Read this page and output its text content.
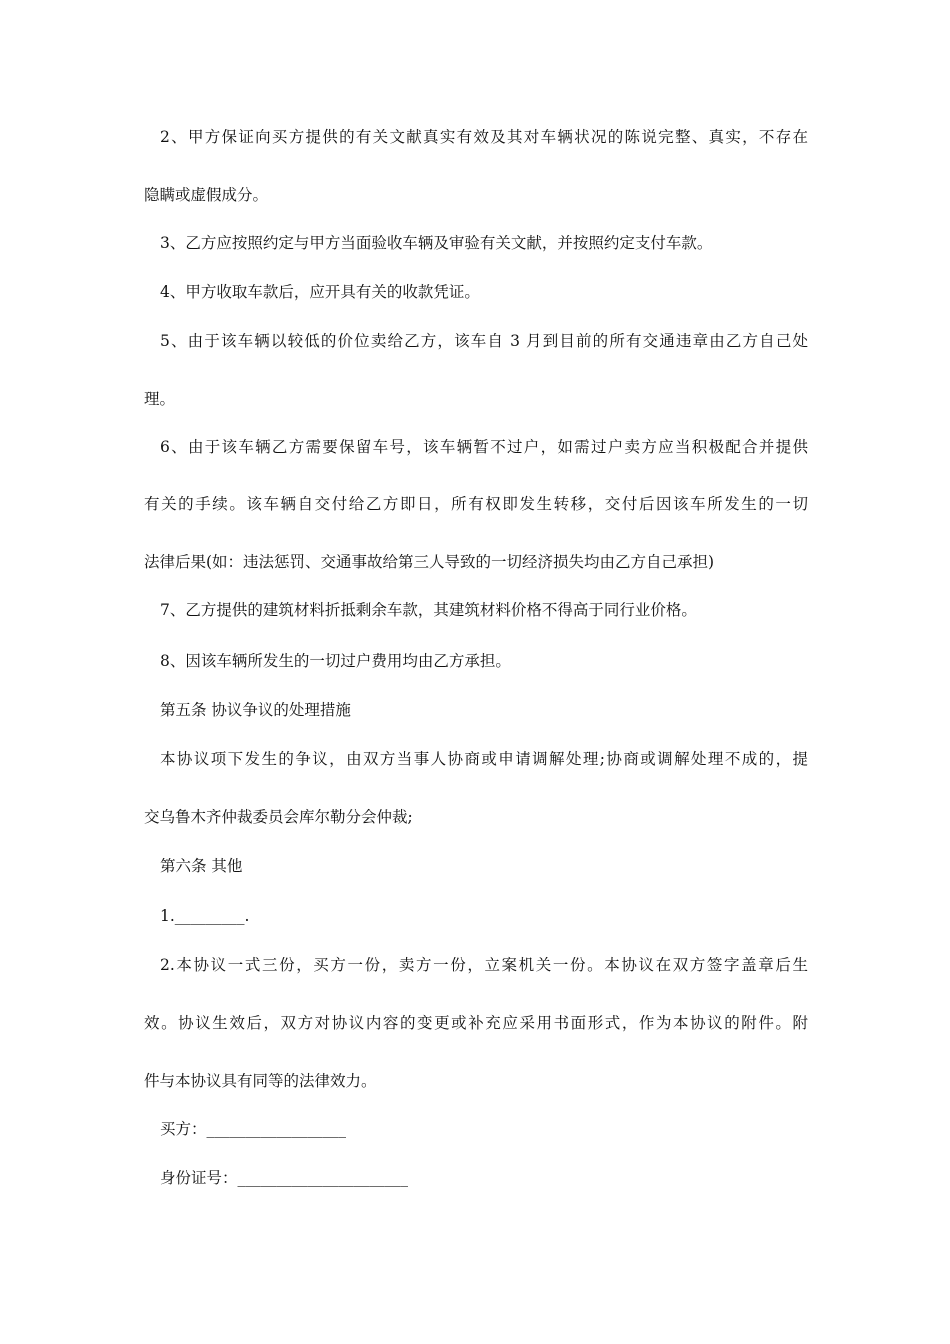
2、甲方保证向买方提供的有关文献真实有效及其对车辆状况的陈说完整、真实，不存在
隐瞒或虚假成分。
3、乙方应按照约定与甲方当面验收车辆及审验有关文献，并按照约定支付车款。
4、甲方收取车款后，应开具有关的收款凭证。
5、由于该车辆以较低的价位卖给乙方，该车自 3 月到目前的所有交通违章由乙方自己处
理。
6、由于该车辆乙方需要保留车号，该车辆暂不过户，如需过户卖方应当积极配合并提供
有关的手续。该车辆自交付给乙方即日，所有权即发生转移，交付后因该车所发生的一切
法律后果(如：违法惩罚、交通事故给第三人导致的一切经济损失均由乙方自己承担)
7、乙方提供的建筑材料折抵剩余车款，其建筑材料价格不得高于同行业价格。
8、因该车辆所发生的一切过户费用均由乙方承担。
第五条 协议争议的处理措施
本协议项下发生的争议，由双方当事人协商或申请调解处理;协商或调解处理不成的，提
交乌鲁木齐仲裁委员会库尔勒分会仲裁;
第六条 其他
1._________.
2.本协议一式三份，买方一份，卖方一份，立案机关一份。本协议在双方签字盖章后生
效。协议生效后，双方对协议内容的变更或补充应采用书面形式，作为本协议的附件。附
件与本协议具有同等的法律效力。
买方：__________________
身份证号：______________________
